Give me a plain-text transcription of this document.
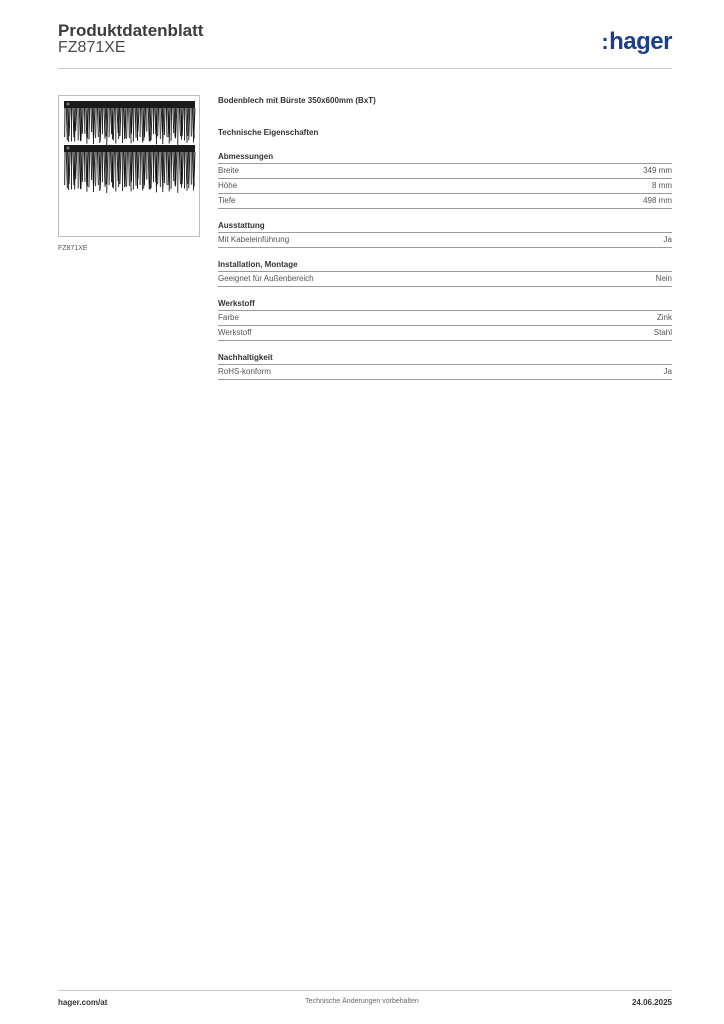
Produktdatenblatt
FZ871XE	:hager
FZ871XE
Bodenblech mit Bürste 350x600mm (BxT)
Technische Eigenschaften
Abmessungen
Breite	349 mm
Höhe	8 mm
Tiefe	498 mm
Ausstattung
Mit Kabeleinführung	Ja
Installation, Montage
Geeignet für Außenbereich	Nein
Werkstoff
Farbe	Zink
Werkstoff	Stahl
Nachhaltigkeit
RoHS-konform	Ja
Technische Änderungen vorbehalten
hager.com/at	24.06.2025
